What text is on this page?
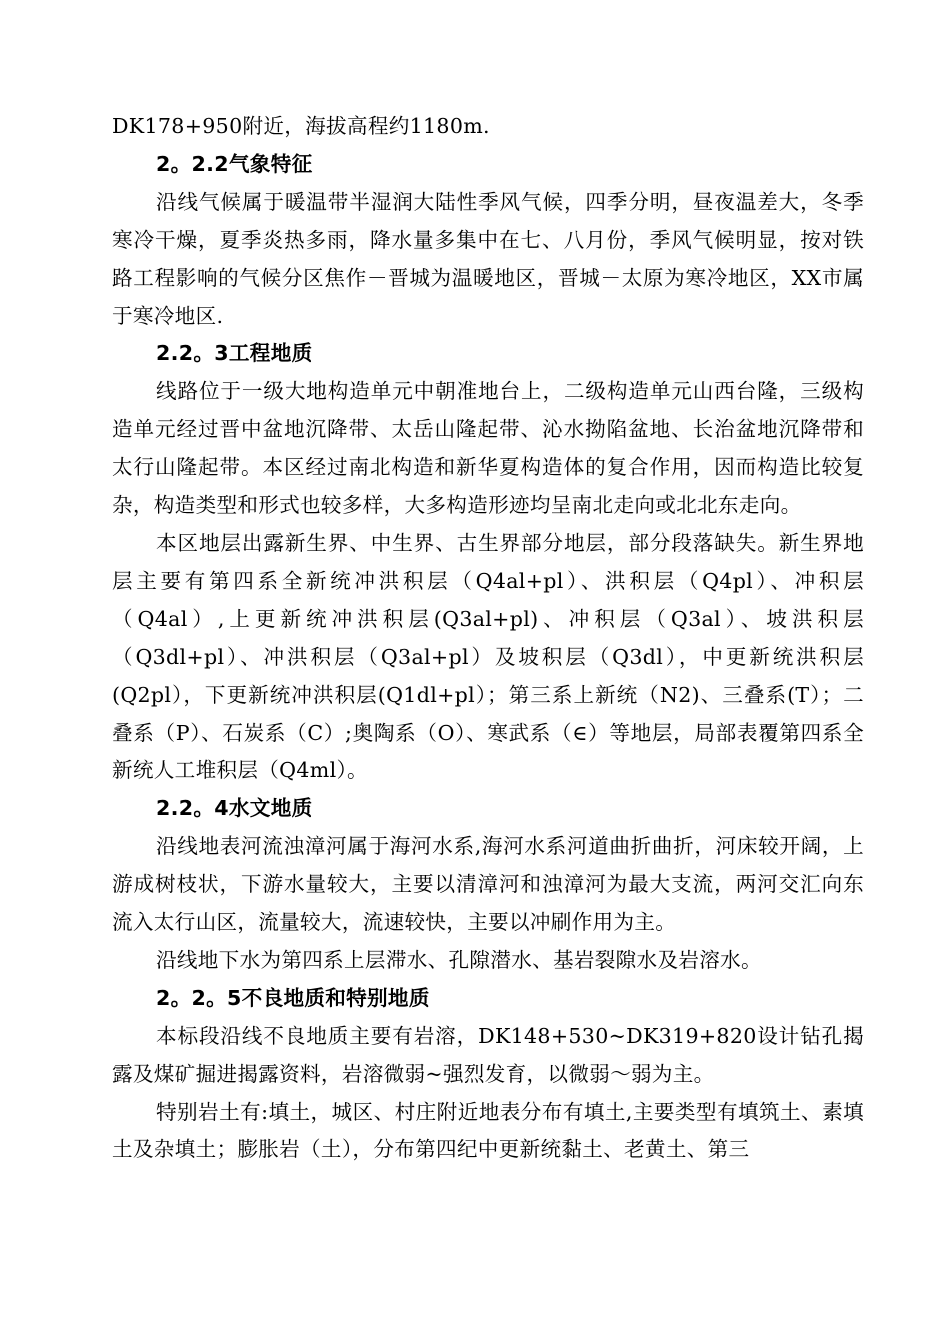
DK178+950附近，海拔高程约1180m.

2。2.2气象特征

沿线气候属于暖温带半湿润大陆性季风气候，四季分明，昼夜温差大，冬季寒冷干燥，夏季炎热多雨，降水量多集中在七、八月份，季风气候明显，按对铁路工程影响的气候分区焦作－晋城为温暖地区，晋城－太原为寒冷地区，XX市属于寒冷地区.

2.2。3工程地质

线路位于一级大地构造单元中朝准地台上，二级构造单元山西台隆，三级构造单元经过晋中盆地沉降带、太岳山隆起带、沁水拗陷盆地、长治盆地沉降带和太行山隆起带。本区经过南北构造和新华夏构造体的复合作用，因而构造比较复杂，构造类型和形式也较多样，大多构造形迹均呈南北走向或北北东走向。

本区地层出露新生界、中生界、古生界部分地层，部分段落缺失。新生界地层主要有第四系全新统冲洪积层（Q4al+pl）、洪积层（Q4pl）、冲积层（Q4al）,上更新统冲洪积层(Q3al+pl)、冲积层（Q3al）、坡洪积层（Q3dl+pl）、冲洪积层（Q3al+pl）及坡积层（Q3dl），中更新统洪积层(Q2pl），下更新统冲洪积层(Q1dl+pl）；第三系上新统（N2)、三叠系(T）；二叠系（P）、石炭系（C）;奥陶系（O）、寒武系（∈）等地层，局部表覆第四系全新统人工堆积层（Q4ml）。

2.2。4水文地质

沿线地表河流浊漳河属于海河水系,海河水系河道曲折曲折，河床较开阔，上游成树枝状，下游水量较大，主要以清漳河和浊漳河为最大支流，两河交汇向东流入太行山区，流量较大，流速较快，主要以冲刷作用为主。

沿线地下水为第四系上层滞水、孔隙潜水、基岩裂隙水及岩溶水。

2。2。5不良地质和特别地质

本标段沿线不良地质主要有岩溶，DK148+530~DK319+820设计钻孔揭露及煤矿掘进揭露资料，岩溶微弱~强烈发育，以微弱～弱为主。

特别岩土有:填土，城区、村庄附近地表分布有填土,主要类型有填筑土、素填土及杂填土；膨胀岩（土），分布第四纪中更新统黏土、老黄土、第三
